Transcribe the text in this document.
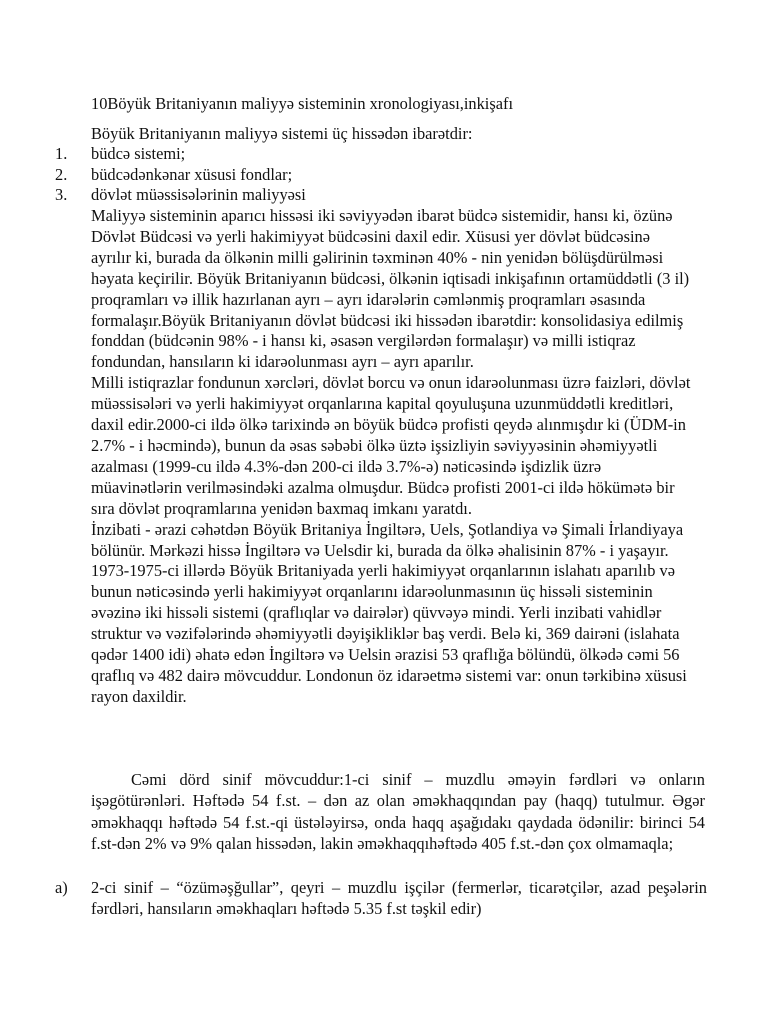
10Böyük Britaniyanın maliyyə sisteminin xronologiyası,inkişafı
Böyük Britaniyanın maliyyə sistemi üç hissədən ibarətdir:
1. büdcə sistemi;
2. büdcədənkənar xüsusi fondlar;
3. dövlət müəssisələrinin maliyyəsi

Maliyyə sisteminin aparıcı hissəsi iki səviyyədən ibarət büdcə sistemidir, hansı ki, özünə Dövlət Büdcəsi və yerli hakimiyyət büdcəsini daxil edir. Xüsusi yer dövlət büdcəsinə ayrılır ki, burada da ölkənin milli gəlirinin təxminən 40% - nin yenidən bölüşdürülməsi həyata keçirilir. Böyük Britaniyanın büdcəsi, ölkənin iqtisadi inkişafının ortamüddətli (3 il) proqramları və illik hazırlanan ayrı – ayrı idarələrin cəmlənmiş proqramları əsasında formalaşır.Böyük Britaniyanın dövlət büdcəsi iki hissədən ibarətdir: konsolidasiya edilmiş fonddan (büdcənin 98% - i hansı ki, əsasən vergilərdən formalaşır) və milli istiqraz fondundan, hansıların ki idarəolunması ayrı – ayrı aparılır.

Milli istiqrazlar fondunun xərcləri, dövlət borcu və onun idarəolunması üzrə faizləri, dövlət müəssisələri və yerli hakimiyyət orqanlarına kapital qoyuluşuna uzunmüddətli kreditləri, daxil edir.2000-ci ildə ölkə tarixində ən böyük büdcə profisti qeydə alınmışdır ki (ÜDM-in 2.7% - i həcmində), bunun da əsas səbəbi ölkə üztə işsizliyin səviyyəsinin əhəmiyyətli azalması (1999-cu ildə 4.3%-dən 200-ci ildə 3.7%-ə) nəticəsində işdizlik üzrə müavinətlərin verilməsindəki azalma olmuşdur. Büdcə profisti 2001-ci ildə hökümətə bir sıra dövlət proqramlarına yenidən baxmaq imkanı yaratdı.

İnzibati - ərazi cəhətdən Böyük Britaniya İngiltərə, Uels, Şotlandiya və Şimali İrlandiyaya bölünür. Mərkəzi hissə İngiltərə və Uelsdir ki, burada da ölkə əhalisinin 87% - i yaşayır. 1973-1975-ci illərdə Böyük Britaniyada yerli hakimiyyət orqanlarının islahatı aparılıb və bunun nəticəsində yerli hakimiyyət orqanlarını idarəolunmasının üç hissəli sisteminin əvəzinə iki hissəli sistemi (qraflıqlar və dairələr) qüvvəyə mindi. Yerli inzibati vahidlər struktur və vəzifələrində əhəmiyyətli dəyişikliklər baş verdi. Belə ki, 369 dairəni (islahata qədər 1400 idi) əhatə edən İngiltərə və Uelsin ərazisi 53 qraflığa bölündü, ölkədə cəmi 56 qraflıq və 482 dairə mövcuddur. Londonun öz idarəetmə sistemi var: onun tərkibinə xüsusi rayon daxildir.

Cəmi dörd sinif mövcuddur:1-ci sinif – muzdlu əməyin fərdləri və onların işəgötürənləri. Həftədə 54 f.st. – dən az olan əməkhaqqından pay (haqq) tutulmur. Əgər əməkhaqqı həftədə 54 f.st.-qi üstələyirsə, onda haqq aşağıdakı qaydada ödənilir: birinci 54 f.st-dən 2% və 9% qalan hissədən, lakin əməkhaqqıhəftədə 405 f.st.-dən çox olmamaqla;

a) 2-ci sinif – “özüməşğullar”, qeyri – muzdlu işçilər (fermerlər, ticarətçilər, azad peşələrin fərdləri, hansıların əməkhaqları həftədə 5.35 f.st təşkil edir)
